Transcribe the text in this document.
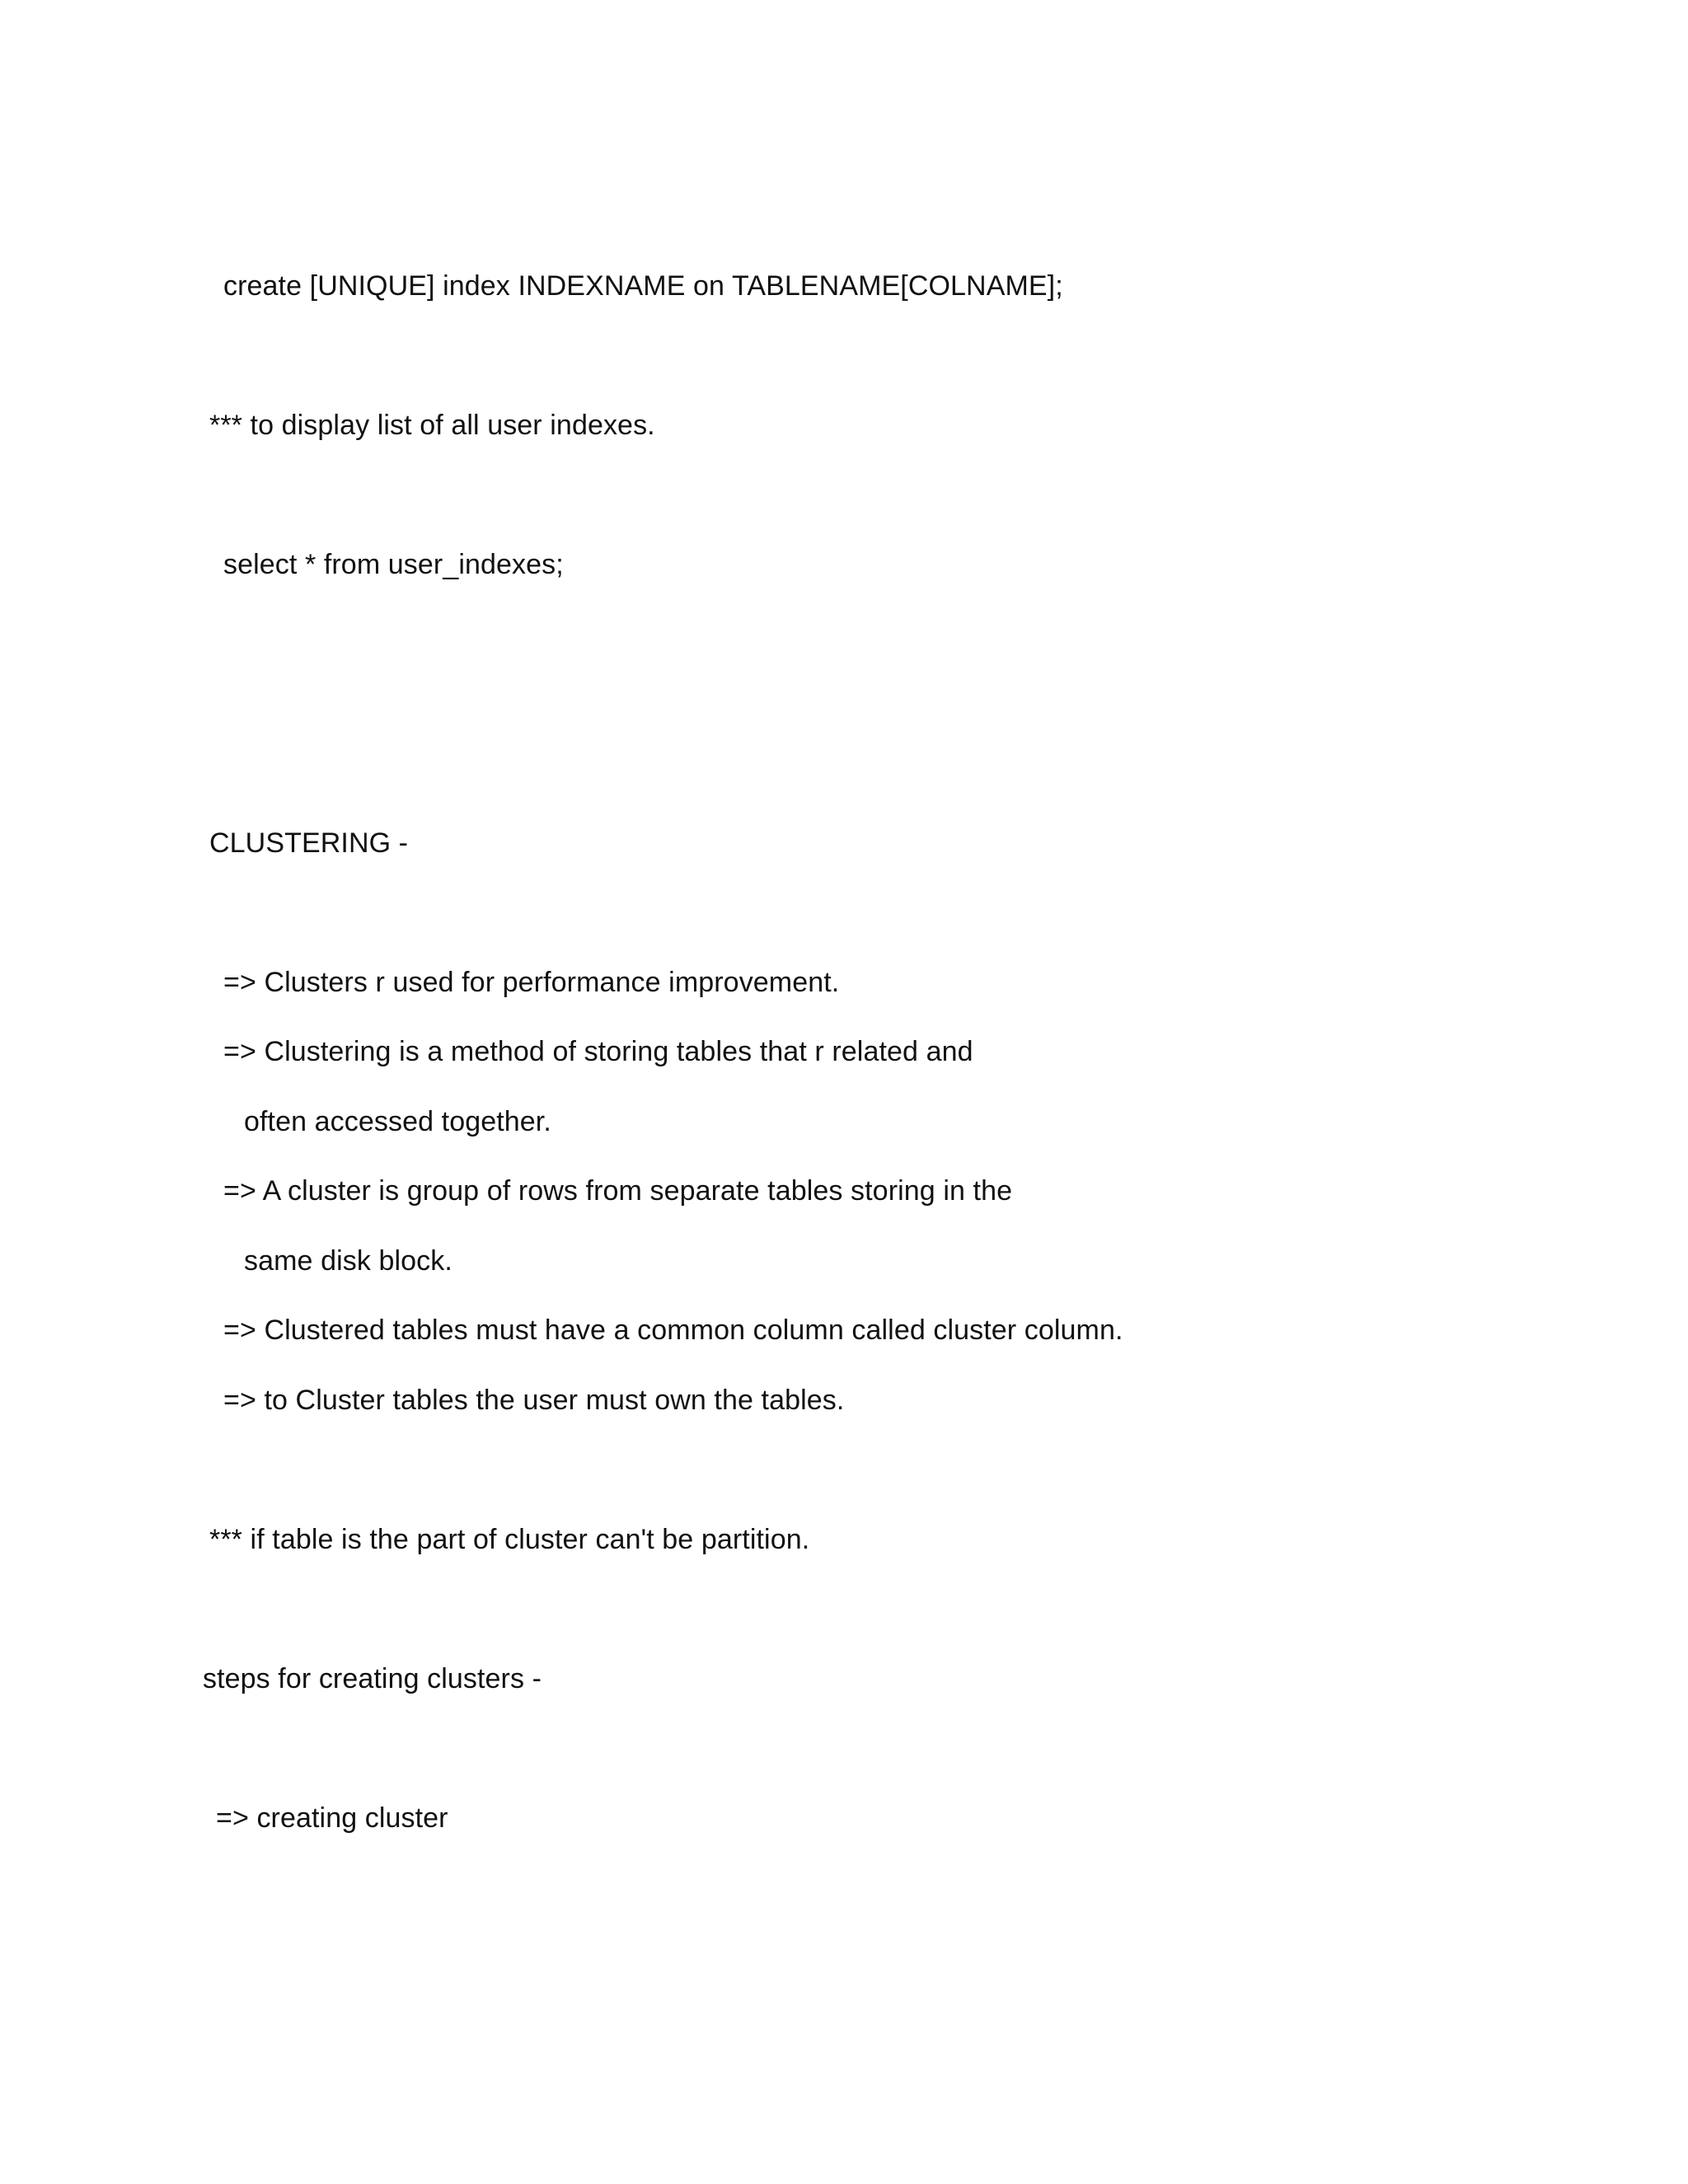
create [UNIQUE] index INDEXNAME on TABLENAME[COLNAME];
*** to display list of all user indexes.
select * from user_indexes;
CLUSTERING -
=> Clusters r used for performance improvement.
=> Clustering is a method of storing tables that r related and
often accessed together.
=> A cluster is group of rows from separate tables storing in the
same disk block.
=> Clustered tables must have a common column called cluster column.
=> to Cluster tables the user must own the tables.
*** if table is the part of cluster can't be partition.
steps for creating clusters -
=> creating cluster
